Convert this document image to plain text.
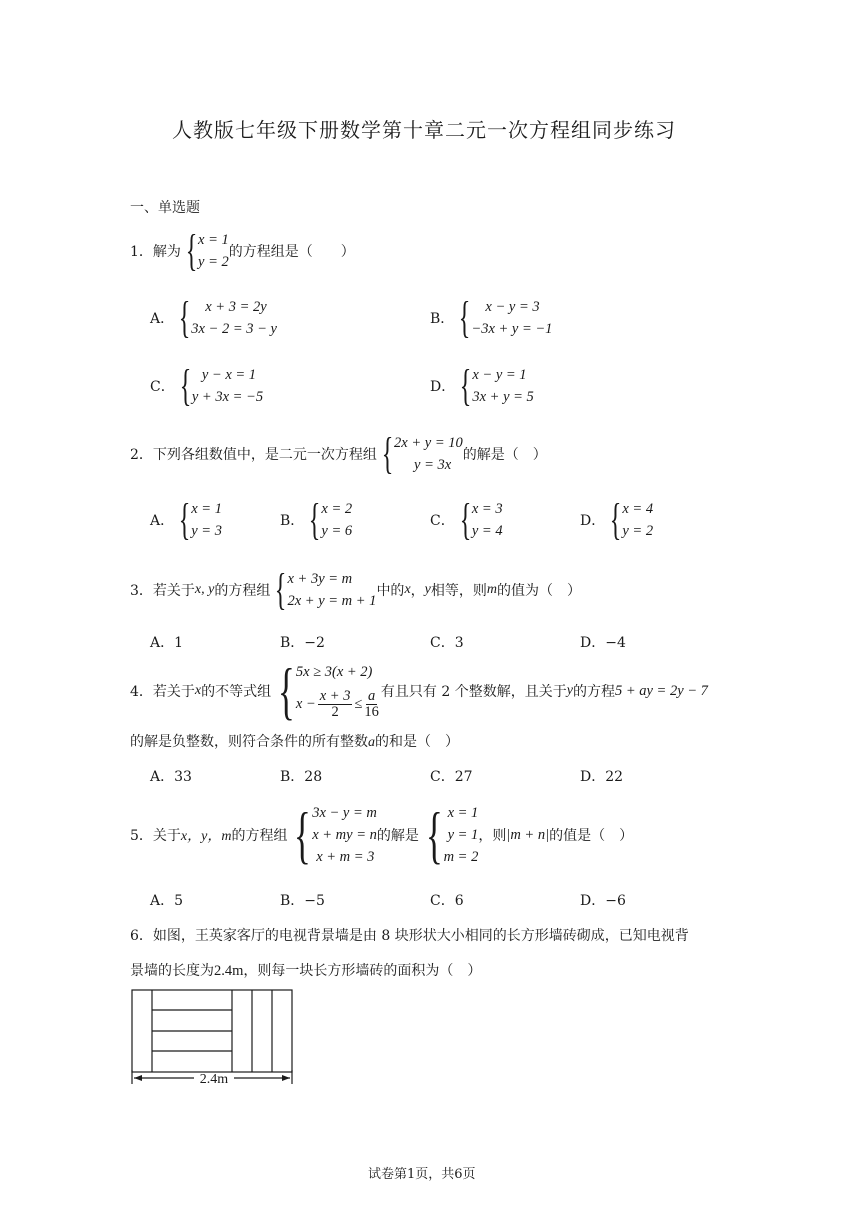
人教版七年级下册数学第十章二元一次方程组同步练习
一、单选题
1． 解为 { x = 1
y = 2
的方程组是（　　）
A． {	x + 3 = 2y
3x − 2 = 3 − y
B． {	x − y = 3
−3x + y = −1
C． { y − x = 1
y + 3x = −5
D． { x − y = 1
3x + y = 5
2． 下列各组数值中，是二元一次方程组 { 2x + y = 10
y = 3x
的解是（　）
A． { x = 1
y = 3
B． { x = 2
y = 6
C． { x = 3
y = 4
D． { x = 4
y = 2
3． 若关于 x, y 的方程组 { x + 3y = m
2x + y = m + 1
中的 x ， y 相等，则 m 的值为（　）
A．1	B．−2	C．3	D．−4
4． 若关于 x 的不等式组 { 5x ≥ 3(x + 2)
$x - \frac{x + 3}{2} \le \frac{a}{16}$ 有且只有 2 个整数解，且关于 y 的方程 5 + ay = 2y − 7
的解是负整数，则符合条件的所有整数a的和是（　）
A．33	B．28	C．27	D．22
5． 关于 x，y，m 的方程组 { 3x − y = m
x + my = n
x + m = 3
的解是 { x = 1
y = 1
m = 2
，则 |m + n| 的值是（　）
A．5	B．−5	C．6	D．−6
6．如图，王英家客厅的电视背景墙是由 8 块形状大小相同的长方形墙砖砌成，已知电视背
景墙的长度为2.4m，则每一块长方形墙砖的面积为（　）
2.4m
试卷第1页，共6页
